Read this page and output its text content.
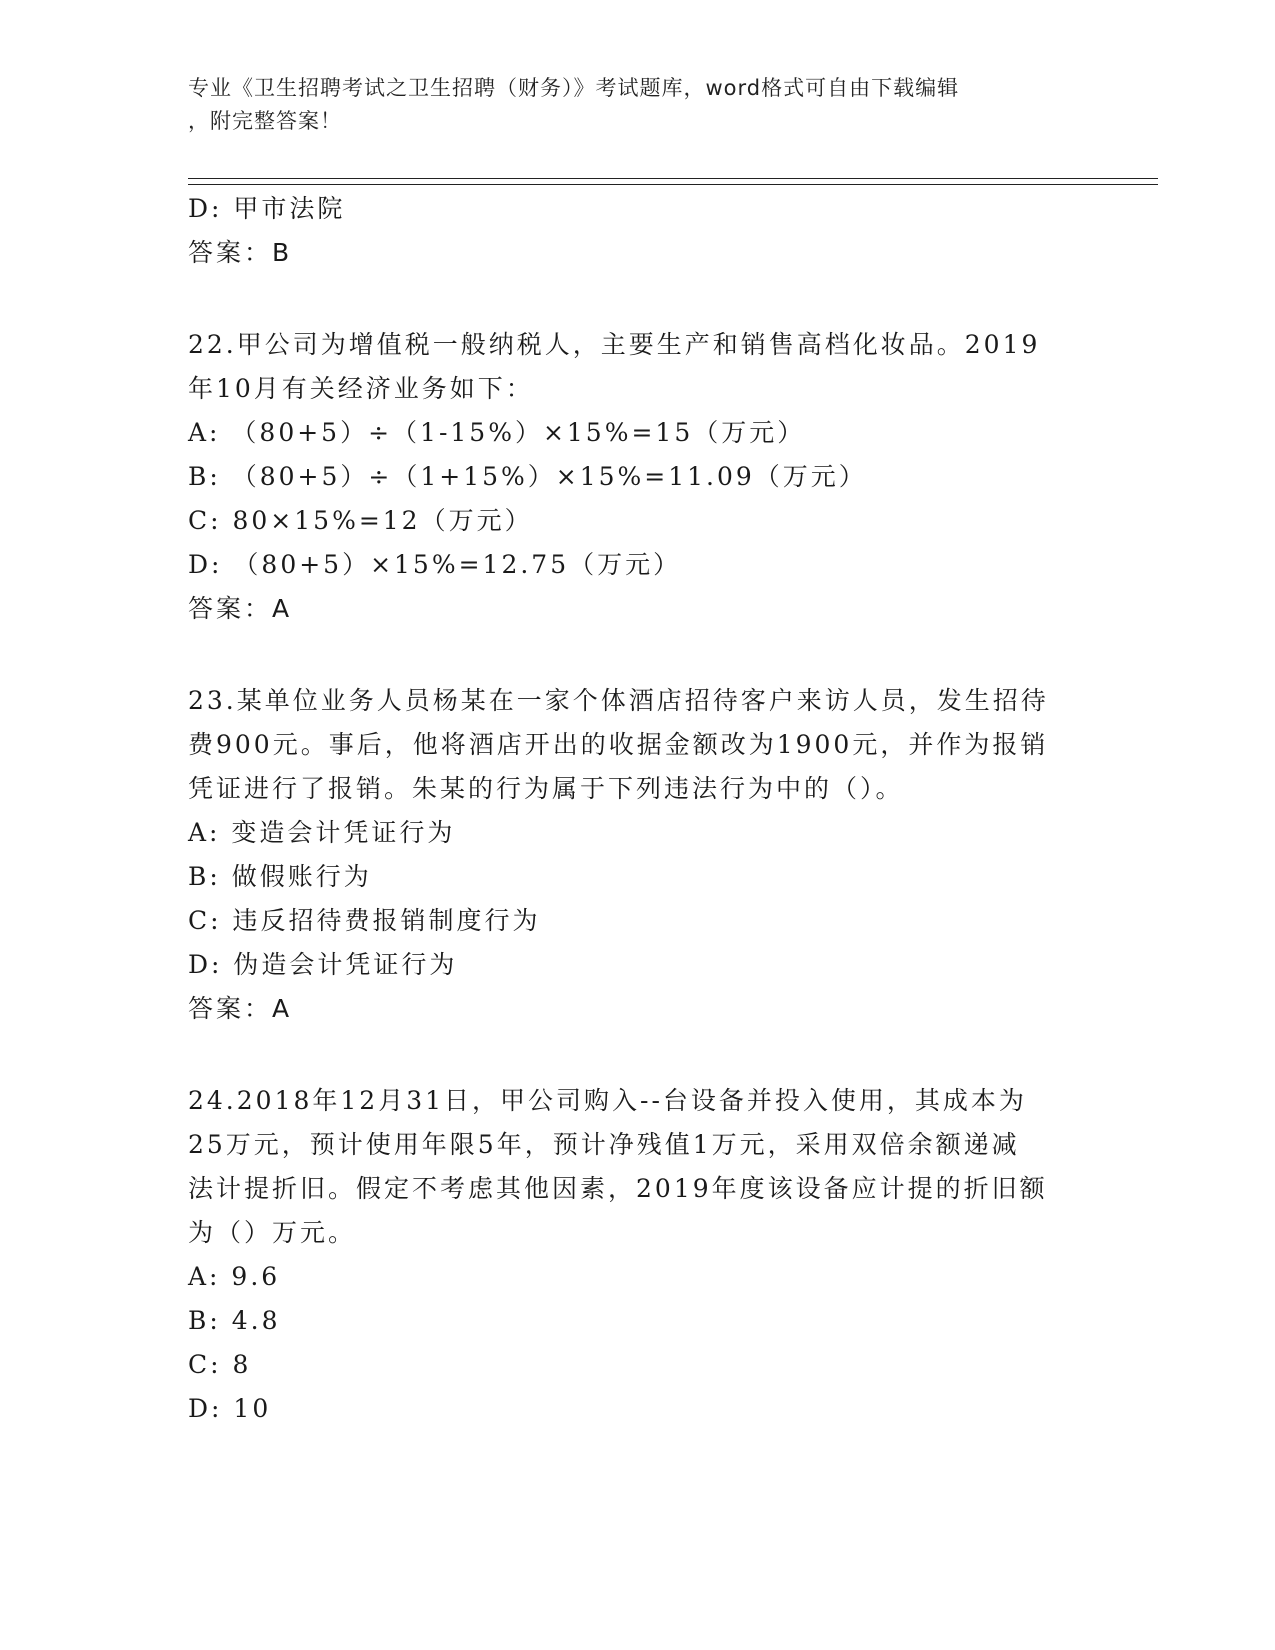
专业《卫生招聘考试之卫生招聘（财务）》考试题库，word格式可自由下载编辑
，附完整答案！
D: 甲市法院
答案：B
22.甲公司为增值税一般纳税人，主要生产和销售高档化妆品。2019
年10月有关经济业务如下：
A: （80+5）÷（1-15%）×15%=15（万元）
B: （80+5）÷（1+15%）×15%=11.09（万元）
C: 80×15%=12（万元）
D: （80+5）×15%=12.75（万元）
答案：A
23.某单位业务人员杨某在一家个体酒店招待客户来访人员，发生招待
费900元。事后，他将酒店开出的收据金额改为1900元，并作为报销
凭证进行了报销。朱某的行为属于下列违法行为中的（）。
A: 变造会计凭证行为
B: 做假账行为
C: 违反招待费报销制度行为
D: 伪造会计凭证行为
答案：A
24.2018年12月31日，甲公司购入--台设备并投入使用，其成本为
25万元，预计使用年限5年，预计净残值1万元，采用双倍余额递减
法计提折旧。假定不考虑其他因素，2019年度该设备应计提的折旧额
为（）万元。
A: 9.6
B: 4.8
C: 8
D: 10
